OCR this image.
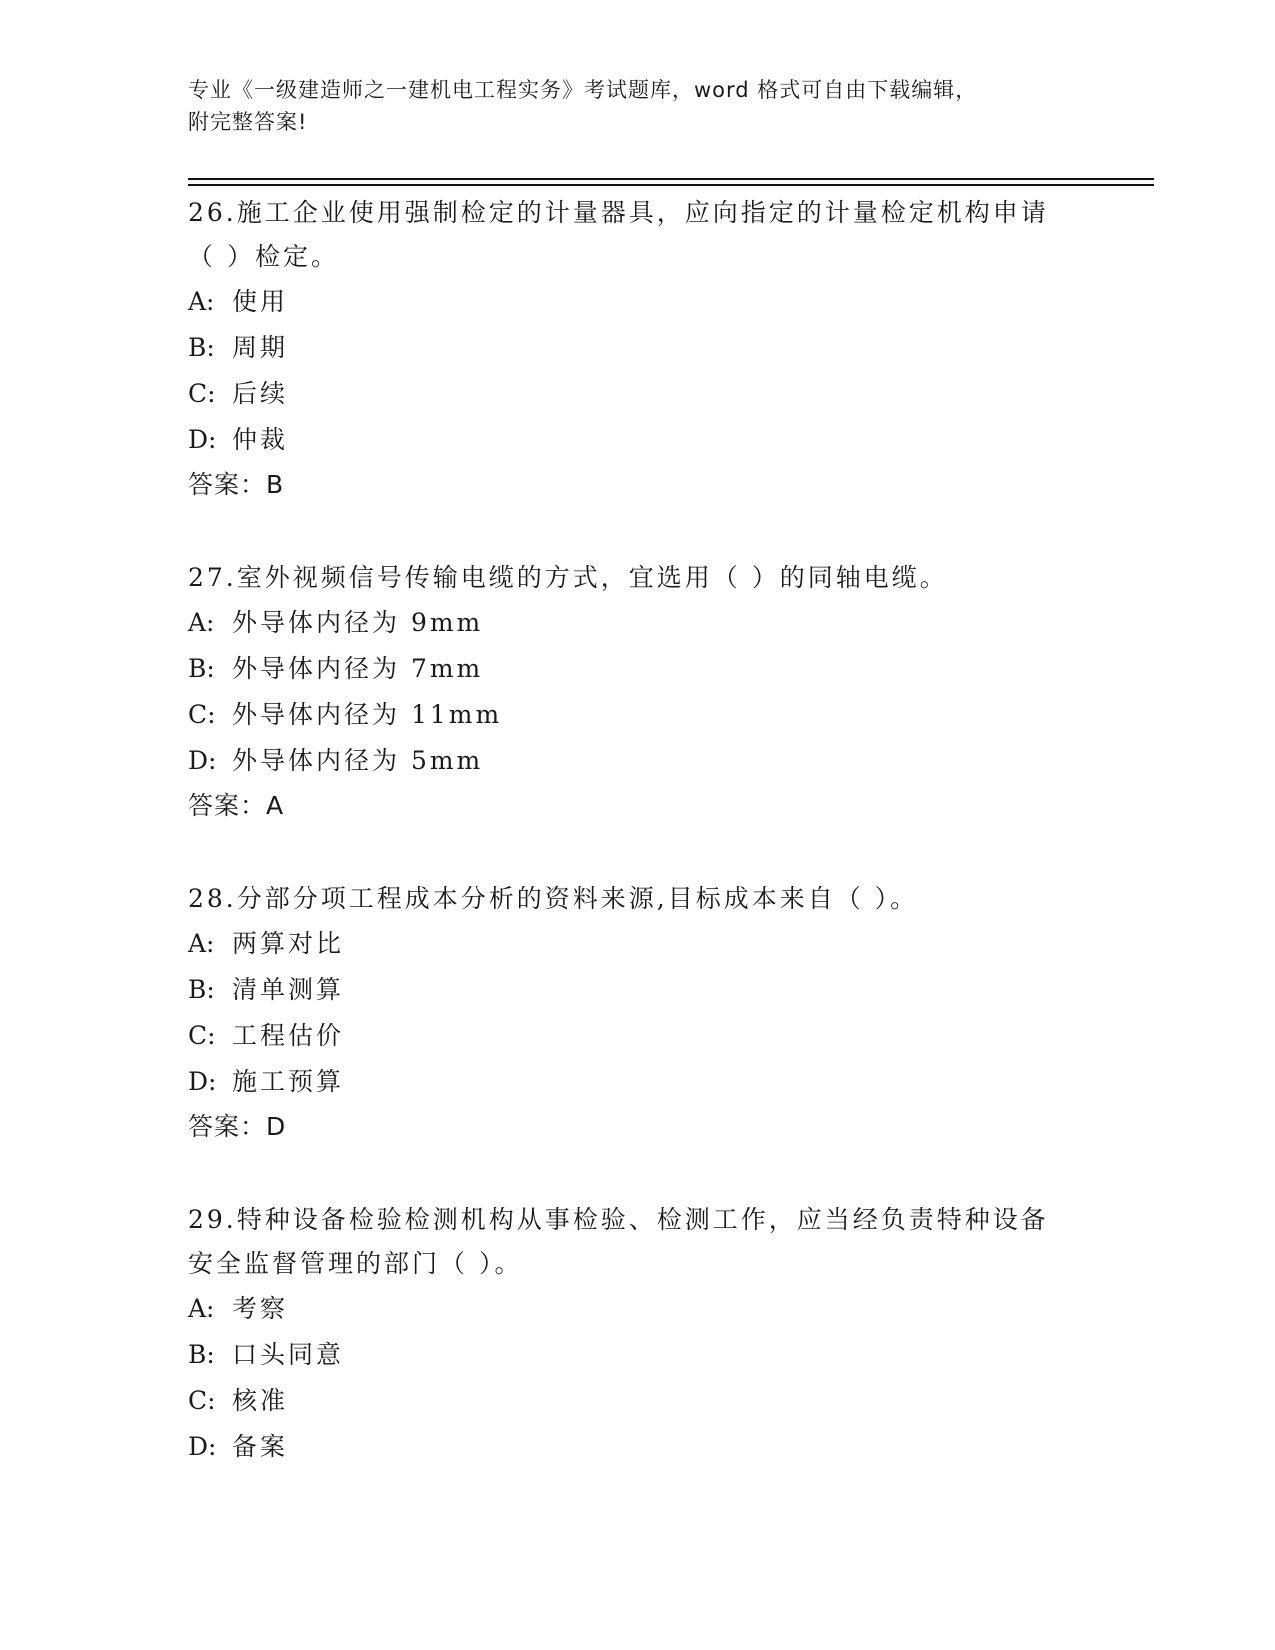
专业《一级建造师之一建机电工程实务》考试题库，word 格式可自由下载编辑，
附完整答案!

26.施工企业使用强制检定的计量器具，应向指定的计量检定机构申请

（ ）检定。

A: 使用
B: 周期
C: 后续
D: 仲裁
答案：B

27.室外视频信号传输电缆的方式，宜选用（ ）的同轴电缆。

A: 外导体内径为 9mm
B: 外导体内径为 7mm
C: 外导体内径为 11mm
D: 外导体内径为 5mm
答案：A

28.分部分项工程成本分析的资料来源,目标成本来自（ ）。

A: 两算对比
B: 清单测算
C: 工程估价
D: 施工预算
答案：D

29.特种设备检验检测机构从事检验、检测工作，应当经负责特种设备

安全监督管理的部门（ ）。

A: 考察
B: 口头同意
C: 核准
D: 备案
